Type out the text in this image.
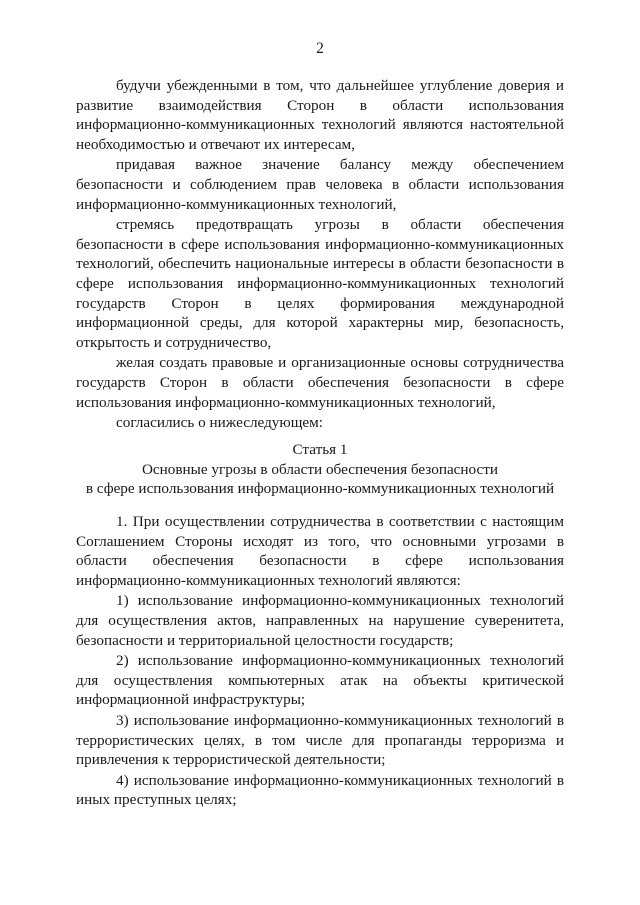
2

будучи убежденными в том, что дальнейшее углубление доверия и развитие взаимодействия Сторон в области использования информационно-коммуникационных технологий являются настоятельной необходимостью и отвечают их интересам,

придавая важное значение балансу между обеспечением безопасности и соблюдением прав человека в области использования информационно-коммуникационных технологий,

стремясь предотвращать угрозы в области обеспечения безопасности в сфере использования информационно-коммуникационных технологий, обеспечить национальные интересы в области безопасности в сфере использования информационно-коммуникационных технологий государств Сторон в целях формирования международной информационной среды, для которой характерны мир, безопасность, открытость и сотрудничество,

желая создать правовые и организационные основы сотрудничества государств Сторон в области обеспечения безопасности в сфере использования информационно-коммуникационных технологий,

согласились о нижеследующем:

Статья 1
Основные угрозы в области обеспечения безопасности
в сфере использования информационно-коммуникационных технологий

1. При осуществлении сотрудничества в соответствии с настоящим Соглашением Стороны исходят из того, что основными угрозами в области обеспечения безопасности в сфере использования информационно-коммуникационных технологий являются:

1) использование информационно-коммуникационных технологий для осуществления актов, направленных на нарушение суверенитета, безопасности и территориальной целостности государств;

2) использование информационно-коммуникационных технологий для осуществления компьютерных атак на объекты критической информационной инфраструктуры;

3) использование информационно-коммуникационных технологий в террористических целях, в том числе для пропаганды терроризма и привлечения к террористической деятельности;

4) использование информационно-коммуникационных технологий в иных преступных целях;
